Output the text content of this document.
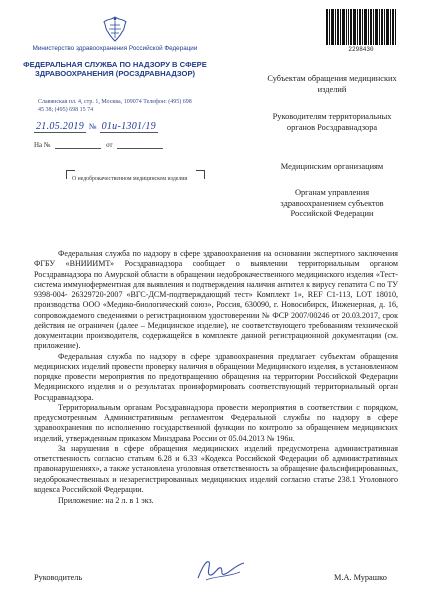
Министерство здравоохранения Российской Федерации
ФЕДЕРАЛЬНАЯ СЛУЖБА ПО НАДЗОРУ В СФЕРЕ ЗДРАВООХРАНЕНИЯ (РОСЗДРАВНАДЗОР)
Славянская пл. 4, стр. 1, Москва, 109074 Телефон: (495) 698 45 38; (495) 698 15 74
21.05.2019 № 01и-1301/19
На №	от
О недоброкачественном медицинском изделии
2298430
Субъектам обращения медицинских изделий
Руководителям территориальных органов Росздравнадзора
Медицинским организациям
Органам управления здравоохранением субъектов Российской Федерации

Федеральная служба по надзору в сфере здравоохранения на основании экспертного заключения ФГБУ «ВНИИИМТ» Росздравнадзора сообщает о выявлении территориальным органом Росздравнадзора по Амурской области в обращении недоброкачественного медицинского изделия «Тест-система иммуноферментная для выявления и подтверждения наличия антител к вирусу гепатита С по ТУ 9398-004- 26329720-2007 «ВГС-ДСМ-подтверждающий тест» Комплект 1», REF C1-113, LOT 18010, производства ООО «Медико-биологический союз», Россия, 630090, г. Новосибирск, Инженерная, д. 16, сопровождаемого сведениями о регистрационном удостоверении № ФСР 2007/00246 от 20.03.2017, срок действия не ограничен (далее – Медицинское изделие), не соответствующего требованиям технической документации производителя, содержащейся в комплекте данной регистрационной документации (см. приложение).

Федеральная служба по надзору в сфере здравоохранения предлагает субъектам обращения медицинских изделий провести проверку наличия в обращении Медицинского изделия, в установленном порядке провести мероприятия по предотвращению обращения на территории Российской Федерации Медицинского изделия и о результатах проинформировать соответствующий территориальный орган Росздравнадзора.

Территориальным органам Росздравнадзора провести мероприятия в соответствии с порядком, предусмотренным Административным регламентом Федеральной службы по надзору в сфере здравоохранения по исполнению государственной функции по контролю за обращением медицинских изделий, утвержденным приказом Минздрава России от 05.04.2013 № 196н.

За нарушения в сфере обращения медицинских изделий предусмотрена административная ответственность согласно статьям 6.28 и 6.33 «Кодекса Российской Федерации об административных правонарушениях», а также установлена уголовная ответственность за обращение фальсифицированных, недоброкачественных и незарегистрированных медицинских изделий согласно статье 238.1 Уголовного кодекса Российской Федерации.

Приложение: на 2 л. в 1 экз.

Руководитель	М.А. Мурашко
